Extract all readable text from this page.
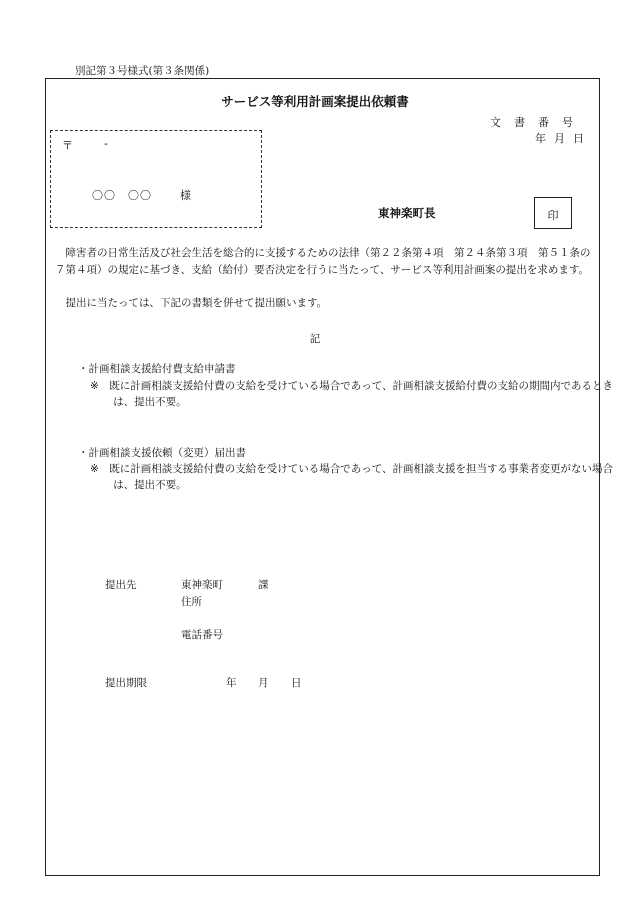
別記第３号様式(第３条関係)
サービス等利用計画案提出依頼書
文書番号
年月日
〒	-
〇〇　〇〇	様
東神楽町長	印
障害者の日常生活及び社会生活を総合的に支援するための法律（第２２条第４項　第２４条第３項　第５１条の７第４項）の規定に基づき、支給（給付）要否決定を行うに当たって、サービス等利用計画案の提出を求めます。
提出に当たっては、下記の書類を併せて提出願います。
記
・計画相談支援給付費支給申請書
※　既に計画相談支援給付費の支給を受けている場合であって、計画相談支援給付費の支給の期間内であるときは、提出不要。
・計画相談支援依頼（変更）届出書
※　既に計画相談支援給付費の支給を受けている場合であって、計画相談支援を担当する事業者変更がない場合は、提出不要。
提出先	東神楽町	課
住所
電話番号
提出期限	年 月 日
